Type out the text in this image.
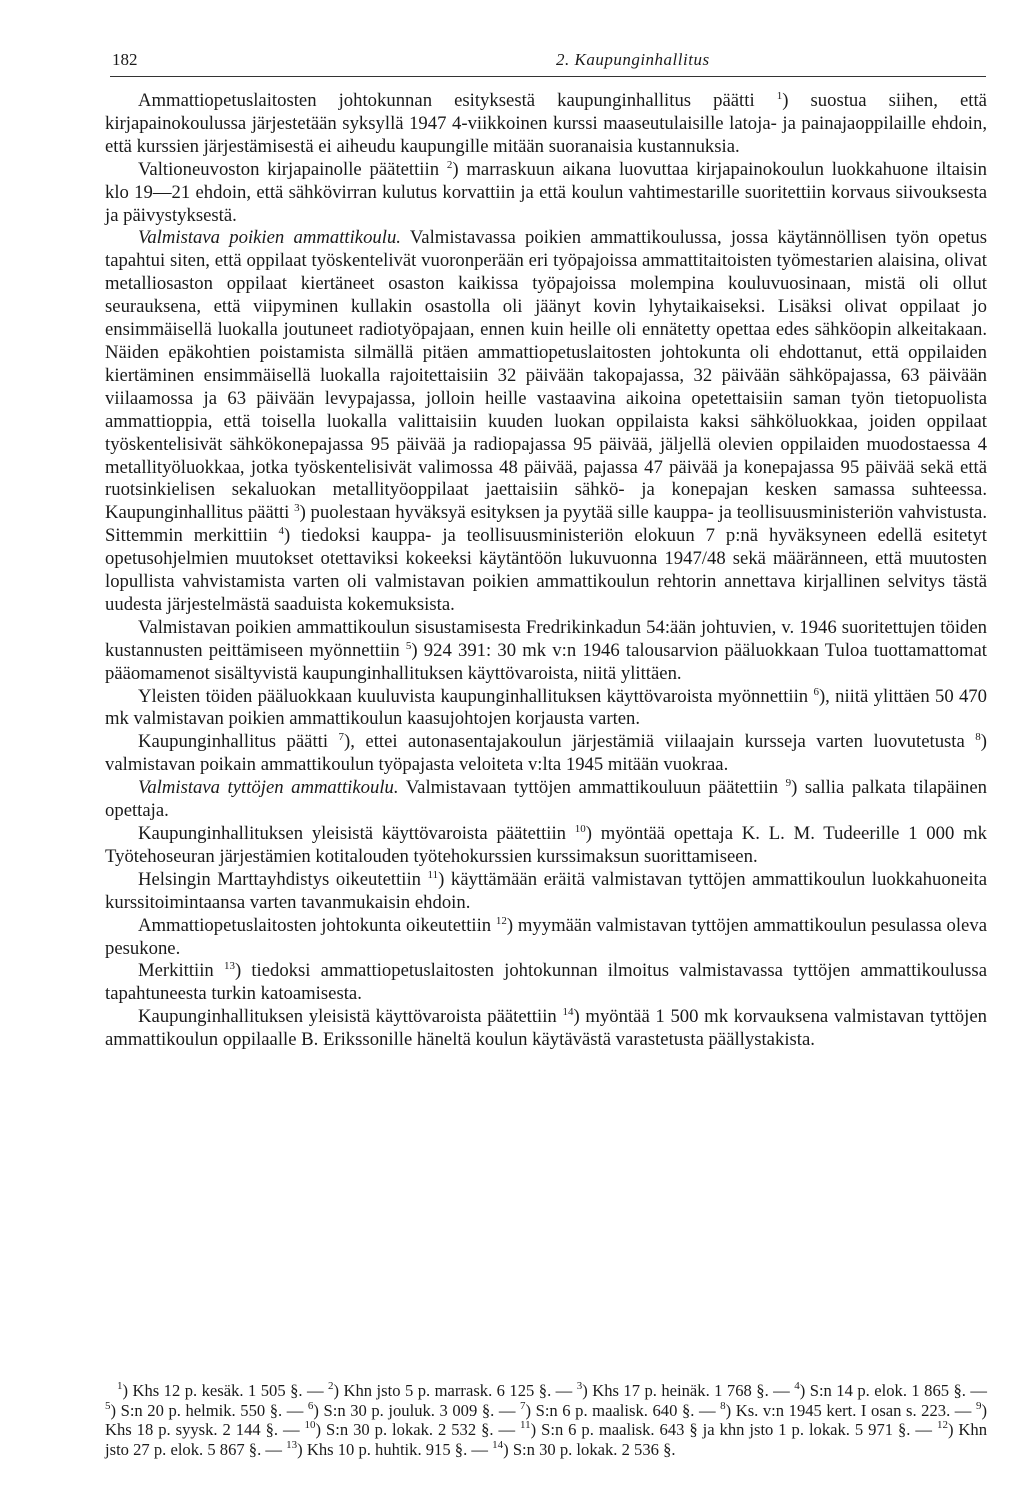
182	2. Kaupunginhallitus

Ammattiopetuslaitosten johtokunnan esityksestä kaupunginhallitus päätti $^1$) suostua siihen, että kirjapainokoulussa järjestetään syksyllä 1947 4-viikkoinen kurssi maaseutulaisille latoja- ja painajaoppilaille ehdoin, että kurssien järjestämisestä ei aiheudu kaupungille mitään suoranaisia kustannuksia.

Valtioneuvoston kirjapainolle päätettiin $^2$) marraskuun aikana luovuttaa kirjapainokoulun luokkahuone iltaisin klo 19—21 ehdoin, että sähkövirran kulutus korvattiin ja että koulun vahtimestarille suoritettiin korvaus siivouksesta ja päivystyksestä.

Valmistava poikien ammattikoulu. Valmistavassa poikien ammattikoulussa, jossa käytännöllisen työn opetus tapahtui siten, että oppilaat työskentelivät vuoronperään eri työpajoissa ammattitaitoisten työmestarien alaisina, olivat metalliosaston oppilaat kiertäneet osaston kaikissa työpajoissa molempina kouluvuosinaan, mistä oli ollut seurauksena, että viipyminen kullakin osastolla oli jäänyt kovin lyhytaikaiseksi. Lisäksi olivat oppilaat jo ensimmäisellä luokalla joutuneet radiotyöpajaan, ennen kuin heille oli ennätetty opettaa edes sähköopin alkeitakaan. Näiden epäkohtien poistamista silmällä pitäen ammattiopetuslaitosten johtokunta oli ehdottanut, että oppilaiden kiertäminen ensimmäisellä luokalla rajoitettaisiin 32 päivään takopajassa, 32 päivään sähköpajassa, 63 päivään viilaamossa ja 63 päivään levypajassa, jolloin heille vastaavina aikoina opetettaisiin saman työn tietopuolista ammattioppia, että toisella luokalla valittaisiin kuuden luokan oppilaista kaksi sähköluokkaa, joiden oppilaat työskentelisivät sähkökonepajassa 95 päivää ja radiopajassa 95 päivää, jäljellä olevien oppilaiden muodostaessa 4 metallityöluokkaa, jotka työskentelisivät valimossa 48 päivää, pajassa 47 päivää ja konepajassa 95 päivää sekä että ruotsinkielisen sekaluokan metallityöoppilaat jaettaisiin sähkö- ja konepajan kesken samassa suhteessa. Kaupunginhallitus päätti $^3$) puolestaan hyväksyä esityksen ja pyytää sille kauppa- ja teollisuusministeriön vahvistusta. Sittemmin merkittiin $^4$) tiedoksi kauppa- ja teollisuusministeriön elokuun 7 p:nä hyväksyneen edellä esitetyt opetusohjelmien muutokset otettaviksi kokeeksi käytäntöön lukuvuonna 1947/48 sekä määränneen, että muutosten lopullista vahvistamista varten oli valmistavan poikien ammattikoulun rehtorin annettava kirjallinen selvitys tästä uudesta järjestelmästä saaduista kokemuksista.

Valmistavan poikien ammattikoulun sisustamisesta Fredrikinkadun 54:ään johtuvien, v. 1946 suoritettujen töiden kustannusten peittämiseen myönnettiin $^5$) 924 391: 30 mk v:n 1946 talousarvion pääluokkaan Tuloa tuottamattomat pääomamenot sisältyvistä kaupunginhallituksen käyttövaroista, niitä ylittäen.

Yleisten töiden pääluokkaan kuuluvista kaupunginhallituksen käyttövaroista myönnettiin $^6$), niitä ylittäen 50 470 mk valmistavan poikien ammattikoulun kaasujohtojen korjausta varten.

Kaupunginhallitus päätti $^7$), ettei autonasentajakoulun järjestämiä viilaajain kursseja varten luovutetusta $^8$) valmistavan poikain ammattikoulun työpajasta veloiteta v:lta 1945 mitään vuokraa.

Valmistava tyttöjen ammattikoulu. Valmistavaan tyttöjen ammattikouluun päätettiin $^9$) sallia palkata tilapäinen opettaja.

Kaupunginhallituksen yleisistä käyttövaroista päätettiin $^{10}$) myöntää opettaja K. L. M. Tudeerille 1 000 mk Työtehoseuran järjestämien kotitalouden työtehokurssien kurssimaksun suorittamiseen.

Helsingin Marttayhdistys oikeutettiin $^{11}$) käyttämään eräitä valmistavan tyttöjen ammattikoulun luokkahuoneita kurssitoimintaansa varten tavanmukaisin ehdoin.

Ammattiopetuslaitosten johtokunta oikeutettiin $^{12}$) myymään valmistavan tyttöjen ammattikoulun pesulassa oleva pesukone.

Merkittiin $^{13}$) tiedoksi ammattiopetuslaitosten johtokunnan ilmoitus valmistavassa tyttöjen ammattikoulussa tapahtuneesta turkin katoamisesta.

Kaupunginhallituksen yleisistä käyttövaroista päätettiin $^{14}$) myöntää 1 500 mk korvauksena valmistavan tyttöjen ammattikoulun oppilaalle B. Erikssonille häneltä koulun käytävästä varastetusta päällystakista.

$^1$) Khs 12 p. kesäk. 1 505 §. — $^2$) Khn jsto 5 p. marrask. 6 125 §. — $^3$) Khs 17 p. heinäk. 1 768 §. — $^4$) S:n 14 p. elok. 1 865 §. — $^5$) S:n 20 p. helmik. 550 §. — $^6$) S:n 30 p. jouluk. 3 009 §. — $^7$) S:n 6 p. maalisk. 640 §. — $^8$) Ks. v:n 1945 kert. I osan s. 223. — $^9$) Khs 18 p. syysk. 2 144 §. — $^{10}$) S:n 30 p. lokak. 2 532 §. — $^{11}$) S:n 6 p. maalisk. 643 § ja khn jsto 1 p. lokak. 5 971 §. — $^{12}$) Khn jsto 27 p. elok. 5 867 §. — $^{13}$) Khs 10 p. huhtik. 915 §. — $^{14}$) S:n 30 p. lokak. 2 536 §.
